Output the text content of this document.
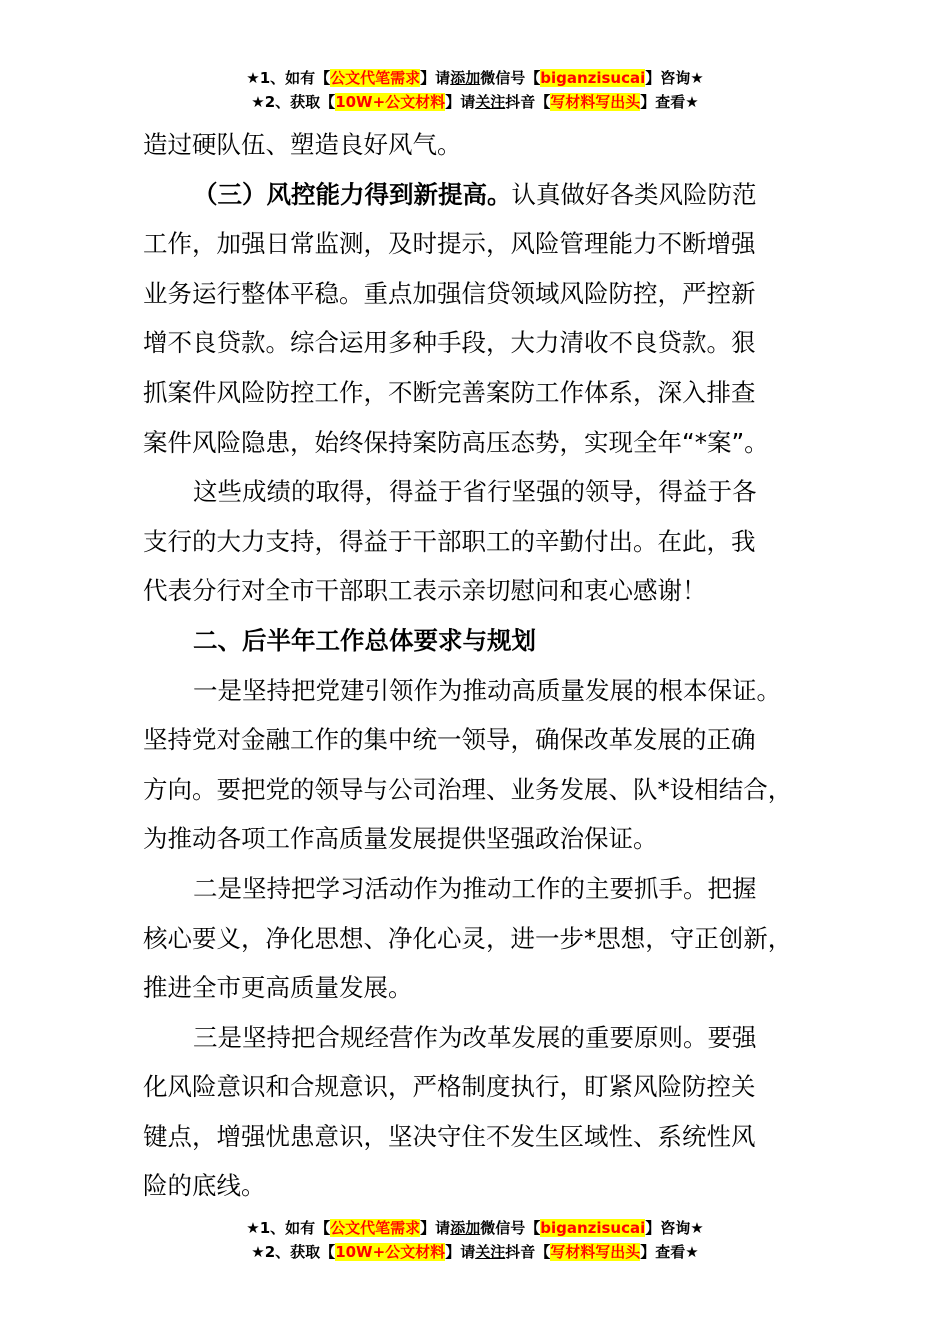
★1、如有【公文代笔需求】请添加微信号【biganzisucai】咨询★
★2、获取【10W+公文材料】请关注抖音【写材料写出头】查看★

造过硬队伍、塑造良好风气。

（三）风控能力得到新提高。认真做好各类风险防范

工作，加强日常监测，及时提示，风险管理能力不断增强

业务运行整体平稳。重点加强信贷领域风险防控，严控新

增不良贷款。综合运用多种手段，大力清收不良贷款。狠

抓案件风险防控工作，不断完善案防工作体系，深入排查

案件风险隐患，始终保持案防高压态势，实现全年“*案”。

这些成绩的取得，得益于省行坚强的领导，得益于各

支行的大力支持，得益于干部职工的辛勤付出。在此，我

代表分行对全市干部职工表示亲切慰问和衷心感谢！

二、后半年工作总体要求与规划

一是坚持把党建引领作为推动高质量发展的根本保证。

坚持党对金融工作的集中统一领导，确保改革发展的正确

方向。要把党的领导与公司治理、业务发展、队*设相结合，

为推动各项工作高质量发展提供坚强政治保证。

二是坚持把学习活动作为推动工作的主要抓手。把握

核心要义，净化思想、净化心灵，进一步*思想，守正创新，

推进全市更高质量发展。

三是坚持把合规经营作为改革发展的重要原则。要强

化风险意识和合规意识，严格制度执行，盯紧风险防控关

键点，增强忧患意识，坚决守住不发生区域性、系统性风

险的底线。

★1、如有【公文代笔需求】请添加微信号【biganzisucai】咨询★
★2、获取【10W+公文材料】请关注抖音【写材料写出头】查看★
